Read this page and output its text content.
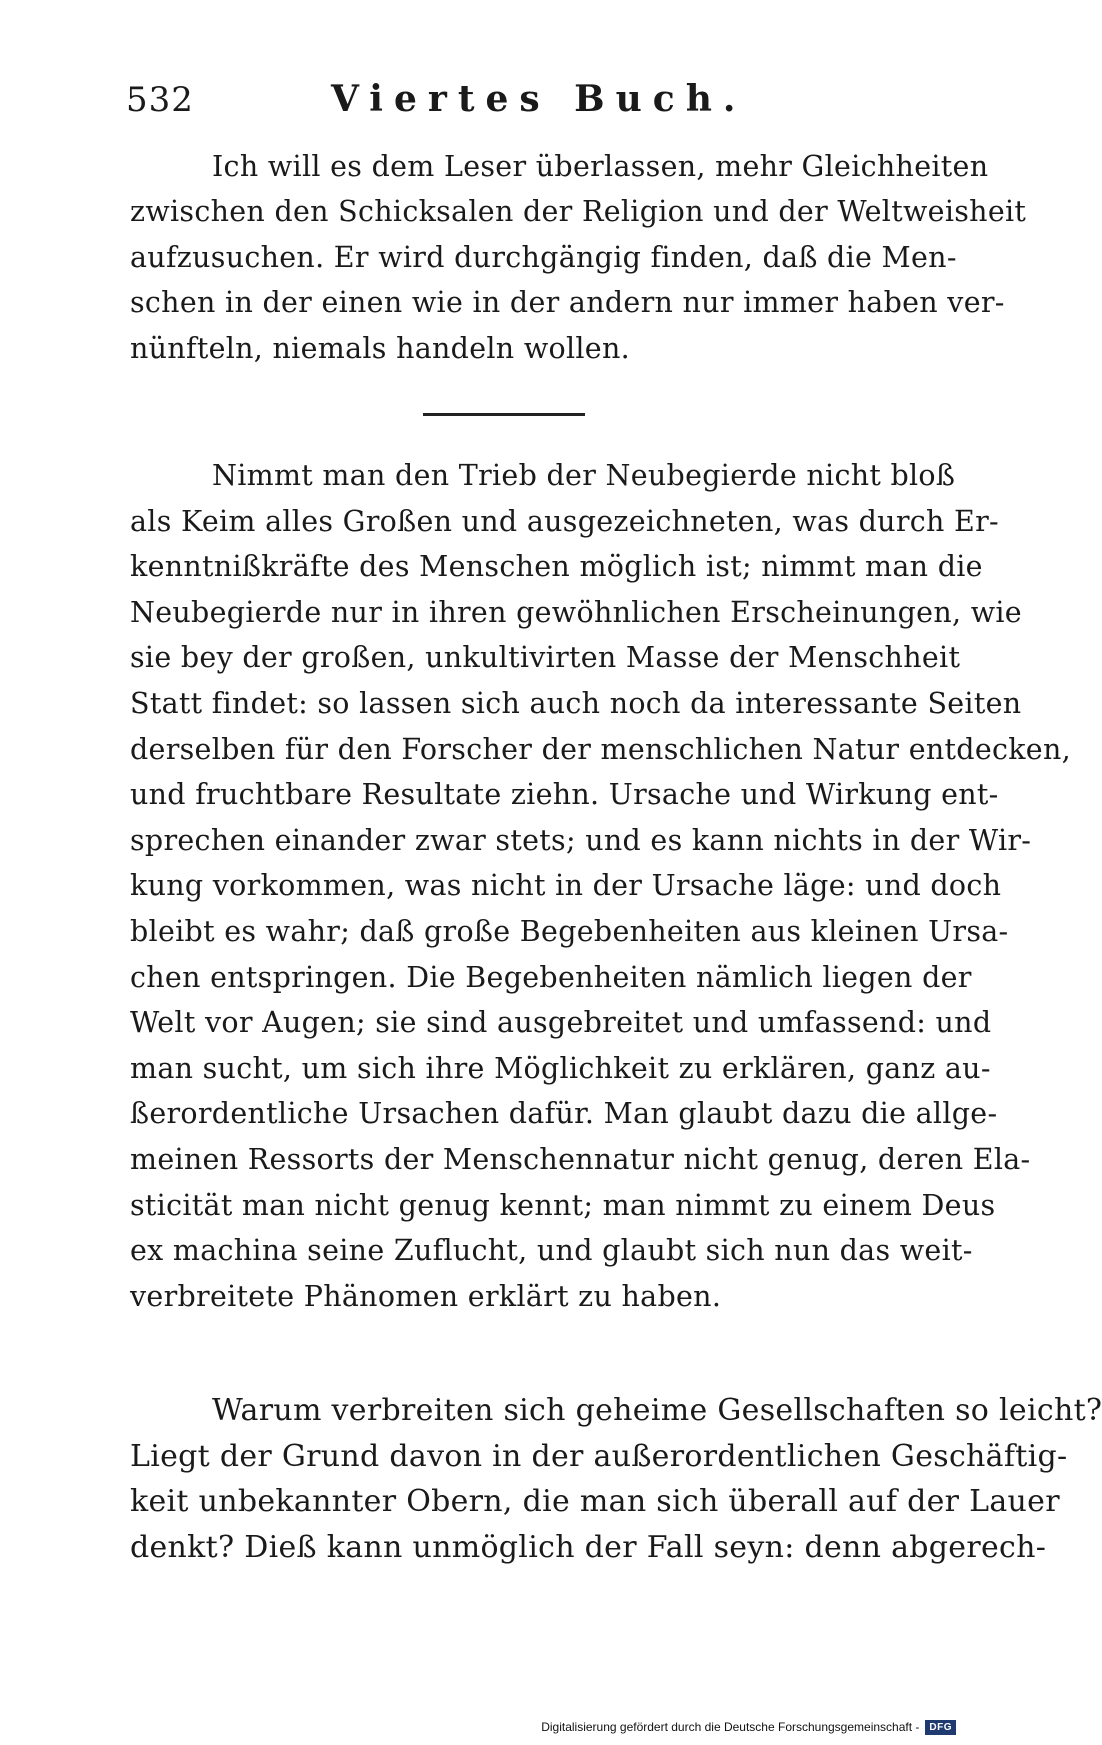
532	Viertes Buch.

Ich will es dem Leser überlassen, mehr Gleichheiten
zwischen den Schicksalen der Religion und der Weltweisheit
aufzusuchen. Er wird durchgängig finden, daß die Men-
schen in der einen wie in der andern nur immer haben ver-
nünfteln, niemals handeln wollen.

Nimmt man den Trieb der Neubegierde nicht bloß
als Keim alles Großen und ausgezeichneten, was durch Er-
kenntnißkräfte des Menschen möglich ist; nimmt man die
Neubegierde nur in ihren gewöhnlichen Erscheinungen, wie
sie bey der großen, unkultivirten Masse der Menschheit
Statt findet: so lassen sich auch noch da interessante Seiten
derselben für den Forscher der menschlichen Natur entdecken,
und fruchtbare Resultate ziehn. Ursache und Wirkung ent-
sprechen einander zwar stets; und es kann nichts in der Wir-
kung vorkommen, was nicht in der Ursache läge: und doch
bleibt es wahr; daß große Begebenheiten aus kleinen Ursa-
chen entspringen. Die Begebenheiten nämlich liegen der
Welt vor Augen; sie sind ausgebreitet und umfassend: und
man sucht, um sich ihre Möglichkeit zu erklären, ganz au-
ßerordentliche Ursachen dafür. Man glaubt dazu die allge-
meinen Ressorts der Menschennatur nicht genug, deren Ela-
sticität man nicht genug kennt; man nimmt zu einem Deus
ex machina seine Zuflucht, und glaubt sich nun das weit-
verbreitete Phänomen erklärt zu haben.

Warum verbreiten sich geheime Gesellschaften so leicht?
Liegt der Grund davon in der außerordentlichen Geschäftig-
keit unbekannter Obern, die man sich überall auf der Lauer
denkt? Dieß kann unmöglich der Fall seyn: denn abgerech-

Digitalisierung gefördert durch die Deutsche Forschungsgemeinschaft -	DFG
